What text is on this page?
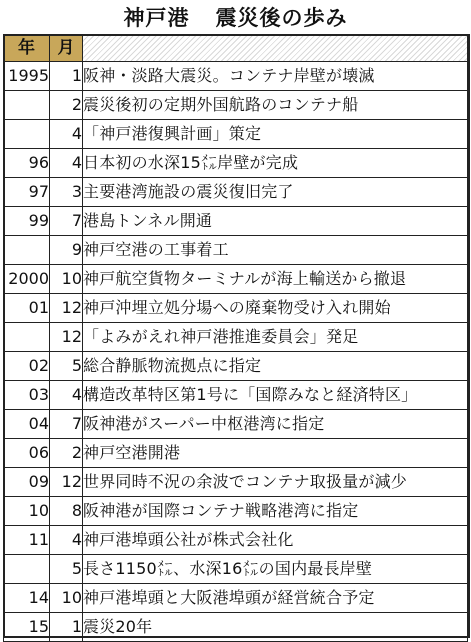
神戸港 震災後の歩み
年	月	
1995	1	阪神・淡路大震災。コンテナ岸壁が壊滅
	2	震災後初の定期外国航路のコンテナ船
	4	「神戸港復興計画」策定
96	4	日本初の水深15㍍岸壁が完成
97	3	主要港湾施設の震災復旧完了
99	7	港島トンネル開通
	9	神戸空港の工事着工
2000	10	神戸航空貨物ターミナルが海上輸送から撤退
01	12	神戸沖埋立処分場への廃棄物受け入れ開始
	12	「よみがえれ神戸港推進委員会」発足
02	5	総合静脈物流拠点に指定
03	4	構造改革特区第1号に「国際みなと経済特区」
04	7	阪神港がスーパー中枢港湾に指定
06	2	神戸空港開港
09	12	世界同時不況の余波でコンテナ取扱量が減少
10	8	阪神港が国際コンテナ戦略港湾に指定
11	4	神戸港埠頭公社が株式会社化
	5	長さ1150㍍、水深16㍍の国内最長岸壁
14	10	神戸港埠頭と大阪港埠頭が経営統合予定
15	1	震災20年
